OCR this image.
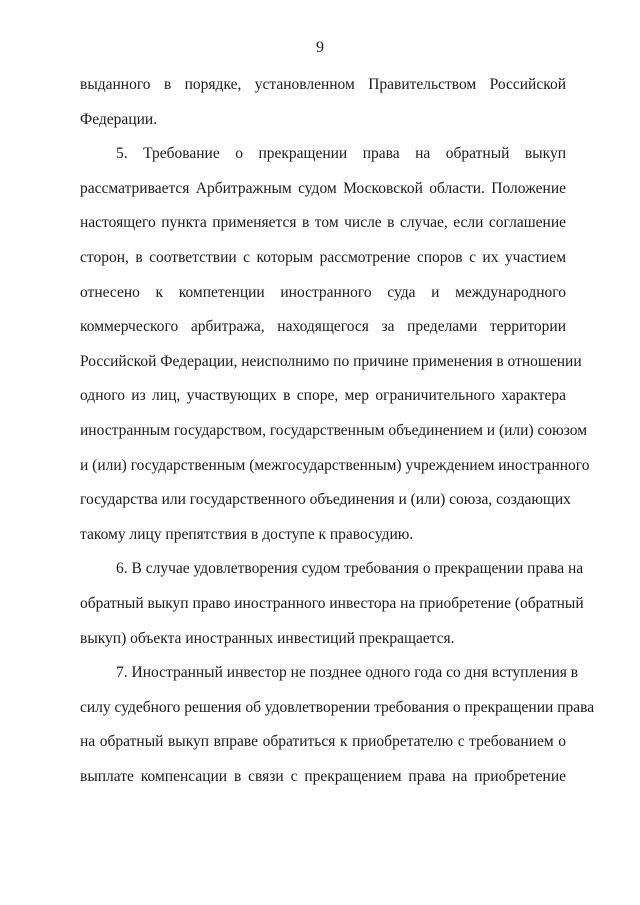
9

выданного в порядке, установленном Правительством Российской
Федерации.

5. Требование о прекращении права на обратный выкуп
рассматривается Арбитражным судом Московской области. Положение
настоящего пункта применяется в том числе в случае, если соглашение
сторон, в соответствии с которым рассмотрение споров с их участием
отнесено к компетенции иностранного суда и международного
коммерческого арбитража, находящегося за пределами территории
Российской Федерации, неисполнимо по причине применения в отношении
одного из лиц, участвующих в споре, мер ограничительного характера
иностранным государством, государственным объединением и (или) союзом
и (или) государственным (межгосударственным) учреждением иностранного
государства или государственного объединения и (или) союза, создающих
такому лицу препятствия в доступе к правосудию.

6. В случае удовлетворения судом требования о прекращении права на
обратный выкуп право иностранного инвестора на приобретение (обратный
выкуп) объекта иностранных инвестиций прекращается.

7. Иностранный инвестор не позднее одного года со дня вступления в
силу судебного решения об удовлетворении требования о прекращении права
на обратный выкуп вправе обратиться к приобретателю с требованием о
выплате компенсации в связи с прекращением права на приобретение
